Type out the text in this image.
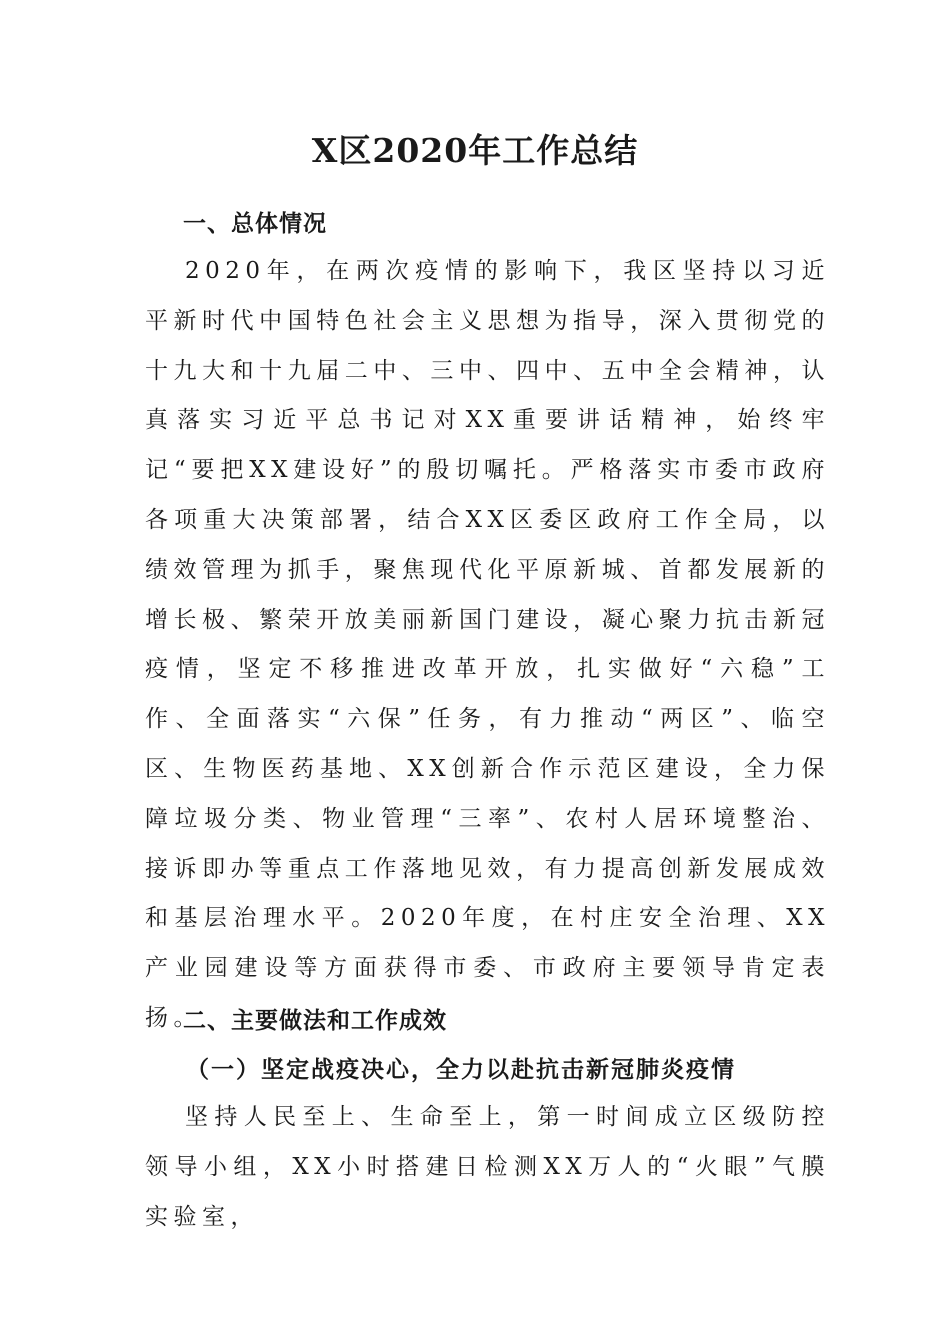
X区2020年工作总结
一、总体情况

2020年，在两次疫情的影响下，我区坚持以习近平新时代中国特色社会主义思想为指导，深入贯彻党的十九大和十九届二中、三中、四中、五中全会精神，认真落实习近平总书记对XX重要讲话精神，始终牢记“要把XX建设好”的殷切嘱托。严格落实市委市政府各项重大决策部署，结合XX区委区政府工作全局，以绩效管理为抓手，聚焦现代化平原新城、首都发展新的增长极、繁荣开放美丽新国门建设，凝心聚力抗击新冠疫情，坚定不移推进改革开放，扎实做好“六稳”工作、全面落实“六保”任务，有力推动“两区”、临空区、生物医药基地、XX创新合作示范区建设，全力保障垃圾分类、物业管理“三率”、农村人居环境整治、接诉即办等重点工作落地见效，有力提高创新发展成效和基层治理水平。2020年度，在村庄安全治理、XX产业园建设等方面获得市委、市政府主要领导肯定表扬。

二、主要做法和工作成效
（一）坚定战疫决心，全力以赴抗击新冠肺炎疫情

坚持人民至上、生命至上，第一时间成立区级防控领导小组，XX小时搭建日检测XX万人的“火眼”气膜实验室，
